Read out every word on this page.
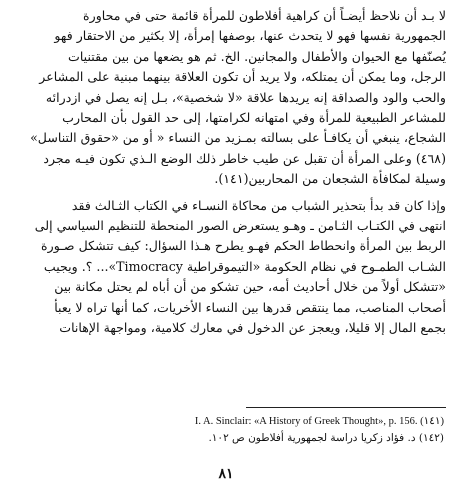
لا بـد أن نلاحظ أيضـاً أن كراهية أفلاطون للمرأة قائمة حتى في محاورة
الجمهورية نفسها فهو لا يتحدث عنها، بوصفها إمرأة، إلا بكثير من الاحتقار فهو
يُصنّفها مع الحيوان والأطفال والمجانين. الخ. ثم هو يضعها من بين مقتنيات
الرجل، وما يمكن أن يمتلكه، ولا يريد أن تكون العلاقة بينهما مبنية على المشاعر
والحب والود والصداقة إنه يريدها علاقة «لا شخصية»، بـل إنه يصل في ازدرائه
للمشاعر الطبيعية للمرأة وفي امتهانه لكرامتها، إلى حد القول بأن المحارب
الشجاع، ينبغي أن يكافـأ على بسالته بمـزيد من النساء « أو من «حقوق التناسل»
(٤٦٨) وعلى المرأة أن تقبل عن طيب خاطر ذلك الوضع الـذي تكون فيـه مجرد
وسيلة لمكافأة الشجعان من المحاربين(١٤١).
وإذا كان قد بدأ بتحذير الشباب من محاكاة النسـاء في الكتاب الثـالث فقد
انتهى في الكتـاب الثـامن ـ وهـو يستعرض الصور المنحطة للتنظيم السياسي إلى
الربط بين المرأة وانحطاط الحكم فهـو يطرح هـذا السؤال: كيف تتشكل صـورة
الشـاب الطمـوح في نظام الحكومة «التيموقراطية Timocracy»... ؟. ويجيب
«تتشكل أولاً من خلال أحاديث أمه، حين تشكو من أن أباه لم يحتل مكانة بين
أصحاب المناصب، مما ينتقص قدرها بين النساء الأخريات، كما أنها تراه لا يعبأ
بجمع المال إلا قليلا، ويعجز عن الدخول في معارك كلامية، ومواجهة الإهانات
I. A. Sinclair: «A History of Greek Thought», p. 156. (١٤١)
(١٤٢) د. فؤاد زكريا دراسة لجمهورية أفلاطون ص ١٠٢.
٨١
